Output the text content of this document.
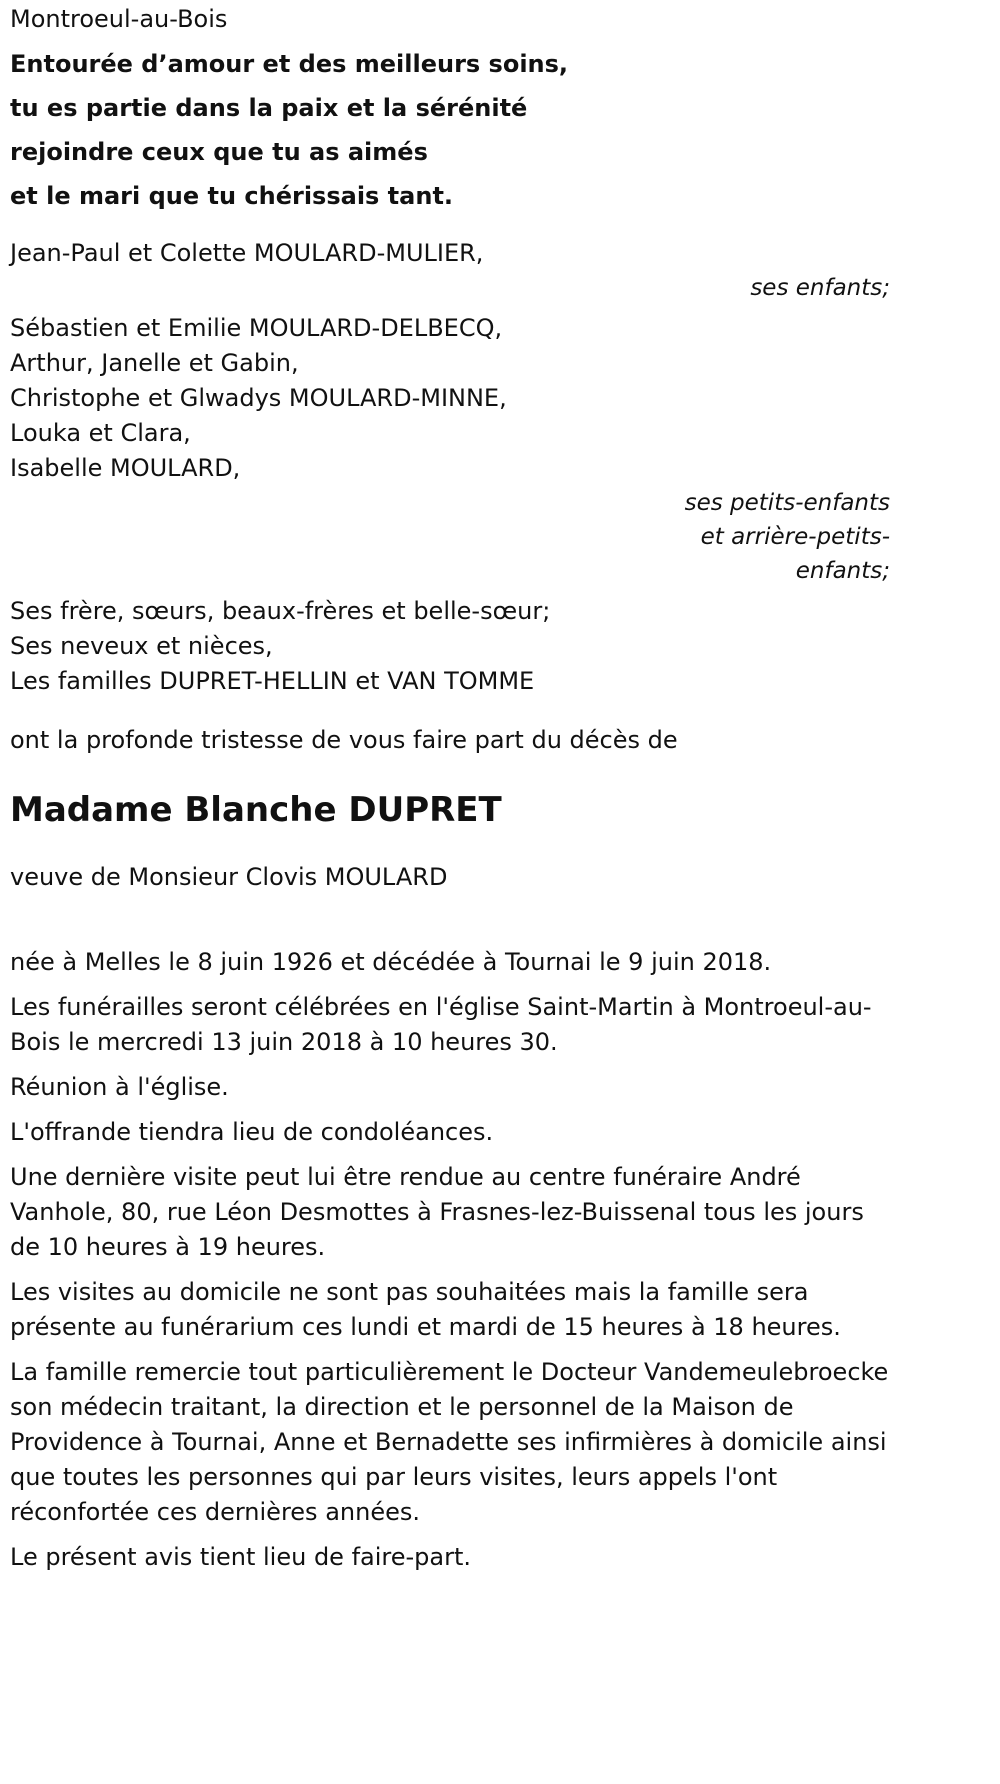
Montroeul-au-Bois
Entourée d’amour et des meilleurs soins,
tu es partie dans la paix et la sérénité
rejoindre ceux que tu as aimés
et le mari que tu chérissais tant.
Jean-Paul et Colette MOULARD-MULIER,
ses enfants;
Sébastien et Emilie MOULARD-DELBECQ,
Arthur, Janelle et Gabin,
Christophe et Glwadys MOULARD-MINNE,
Louka et Clara,
Isabelle MOULARD,
ses petits-enfants
et arrière-petits-
enfants;
Ses frère, sœurs, beaux-frères et belle-sœur;
Ses neveux et nièces,
Les familles DUPRET-HELLIN et VAN TOMME
ont la profonde tristesse de vous faire part du décès de
Madame Blanche DUPRET
veuve de Monsieur Clovis MOULARD
née à Melles le 8 juin 1926 et décédée à Tournai le 9 juin 2018.
Les funérailles seront célébrées en l'église Saint-Martin à Montroeul-au-Bois le mercredi 13 juin 2018 à 10 heures 30.
Réunion à l'église.
L'offrande tiendra lieu de condoléances.
Une dernière visite peut lui être rendue au centre funéraire André Vanhole, 80, rue Léon Desmottes à Frasnes-lez-Buissenal tous les jours de 10 heures à 19 heures.
Les visites au domicile ne sont pas souhaitées mais la famille sera présente au funérarium ces lundi et mardi de 15 heures à 18 heures.
La famille remercie tout particulièrement le Docteur Vandemeulebroecke son médecin traitant, la direction et le personnel de la Maison de Providence à Tournai, Anne et Bernadette ses infirmières à domicile ainsi que toutes les personnes qui par leurs visites, leurs appels l'ont réconfortée ces dernières années.
Le présent avis tient lieu de faire-part.
